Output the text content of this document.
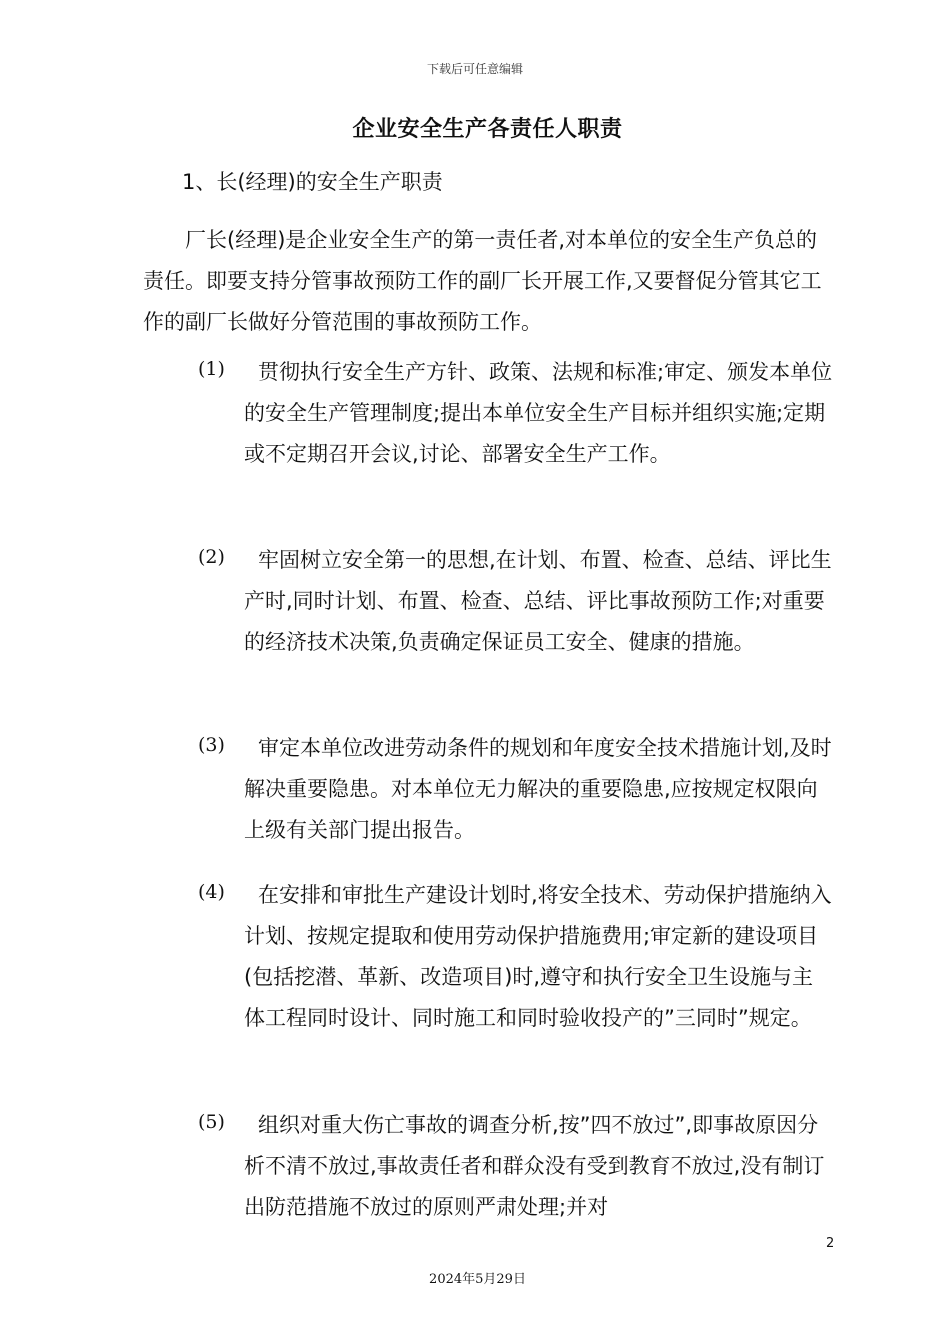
下载后可任意编辑
企业安全生产各责任人职责
1、长(经理)的安全生产职责

厂长(经理)是企业安全生产的第一责任者,对本单位的安全生产负总的责任。即要支持分管事故预防工作的副厂长开展工作,又要督促分管其它工作的副厂长做好分管范围的事故预防工作。

(1)	贯彻执行安全生产方针、政策、法规和标准;审定、颁发本单位的安全生产管理制度;提出本单位安全生产目标并组织实施;定期或不定期召开会议,讨论、部署安全生产工作。

(2)	牢固树立安全第一的思想,在计划、布置、检查、总结、评比生产时,同时计划、布置、检查、总结、评比事故预防工作;对重要的经济技术决策,负责确定保证员工安全、健康的措施。

(3)	审定本单位改进劳动条件的规划和年度安全技术措施计划,及时解决重要隐患。对本单位无力解决的重要隐患,应按规定权限向上级有关部门提出报告。

(4)	在安排和审批生产建设计划时,将安全技术、劳动保护措施纳入计划、按规定提取和使用劳动保护措施费用;审定新的建设项目(包括挖潜、革新、改造项目)时,遵守和执行安全卫生设施与主体工程同时设计、同时施工和同时验收投产的”三同时”规定。

(5)	组织对重大伤亡事故的调查分析,按”四不放过”,即事故原因分析不清不放过,事故责任者和群众没有受到教育不放过,没有制订出防范措施不放过的原则严肃处理;并对

2
2024年5月29日
